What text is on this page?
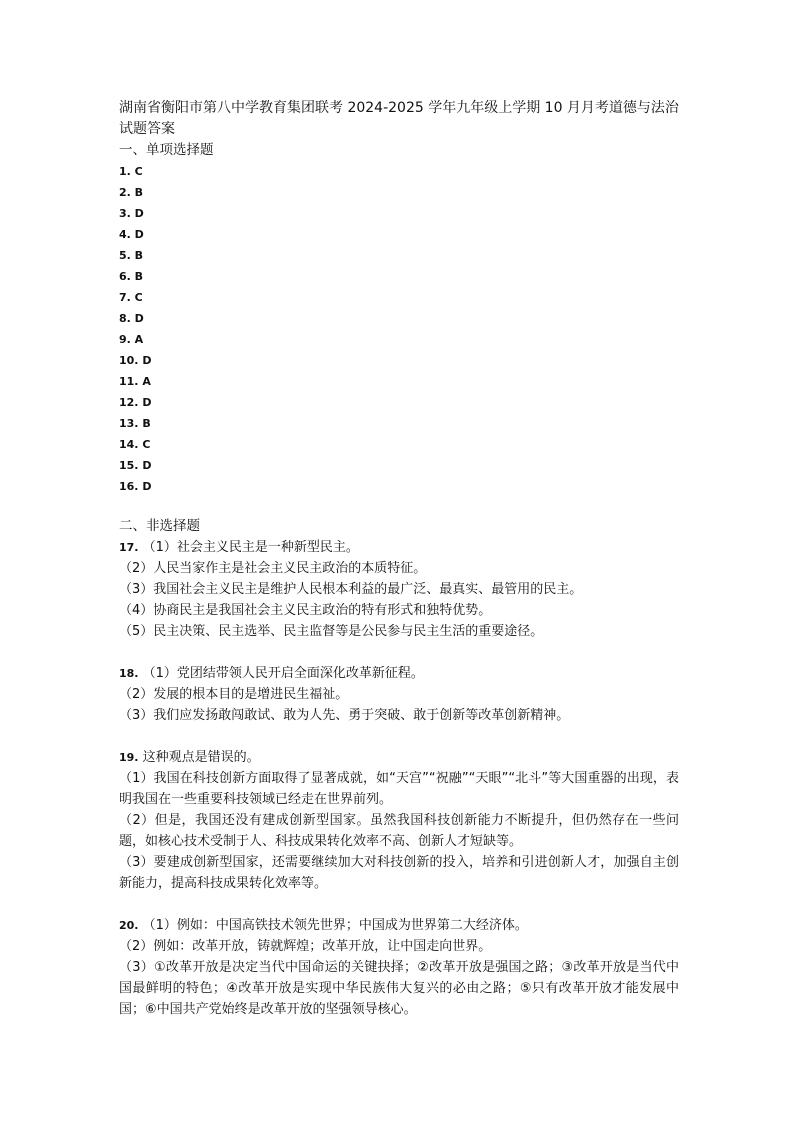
湖南省衡阳市第八中学教育集团联考 2024-2025 学年九年级上学期 10 月月考道德与法治试题答案

一、单项选择题

1. C
2. B
3. D
4. D
5. B
6. B
7. C
8. D
9. A
10. D
11. A
12. D
13. B
14. C
15. D
16. D

二、非选择题

17. （1）社会主义民主是一种新型民主。

（2）人民当家作主是社会主义民主政治的本质特征。

（3）我国社会主义民主是维护人民根本利益的最广泛、最真实、最管用的民主。

（4）协商民主是我国社会主义民主政治的特有形式和独特优势。

（5）民主决策、民主选举、民主监督等是公民参与民主生活的重要途径。

18. （1）党团结带领人民开启全面深化改革新征程。

（2）发展的根本目的是增进民生福祉。

（3）我们应发扬敢闯敢试、敢为人先、勇于突破、敢于创新等改革创新精神。

19. 这种观点是错误的。

（1）我国在科技创新方面取得了显著成就，如“天宫”“祝融”“天眼”“北斗”等大国重器的出现，表明我国在一些重要科技领域已经走在世界前列。

（2）但是，我国还没有建成创新型国家。虽然我国科技创新能力不断提升，但仍然存在一些问题，如核心技术受制于人、科技成果转化效率不高、创新人才短缺等。

（3）要建成创新型国家，还需要继续加大对科技创新的投入，培养和引进创新人才，加强自主创新能力，提高科技成果转化效率等。

20. （1）例如：中国高铁技术领先世界；中国成为世界第二大经济体。

（2）例如：改革开放，铸就辉煌；改革开放，让中国走向世界。

（3）①改革开放是决定当代中国命运的关键抉择；②改革开放是强国之路；③改革开放是当代中国最鲜明的特色；④改革开放是实现中华民族伟大复兴的必由之路；⑤只有改革开放才能发展中国；⑥中国共产党始终是改革开放的坚强领导核心。
